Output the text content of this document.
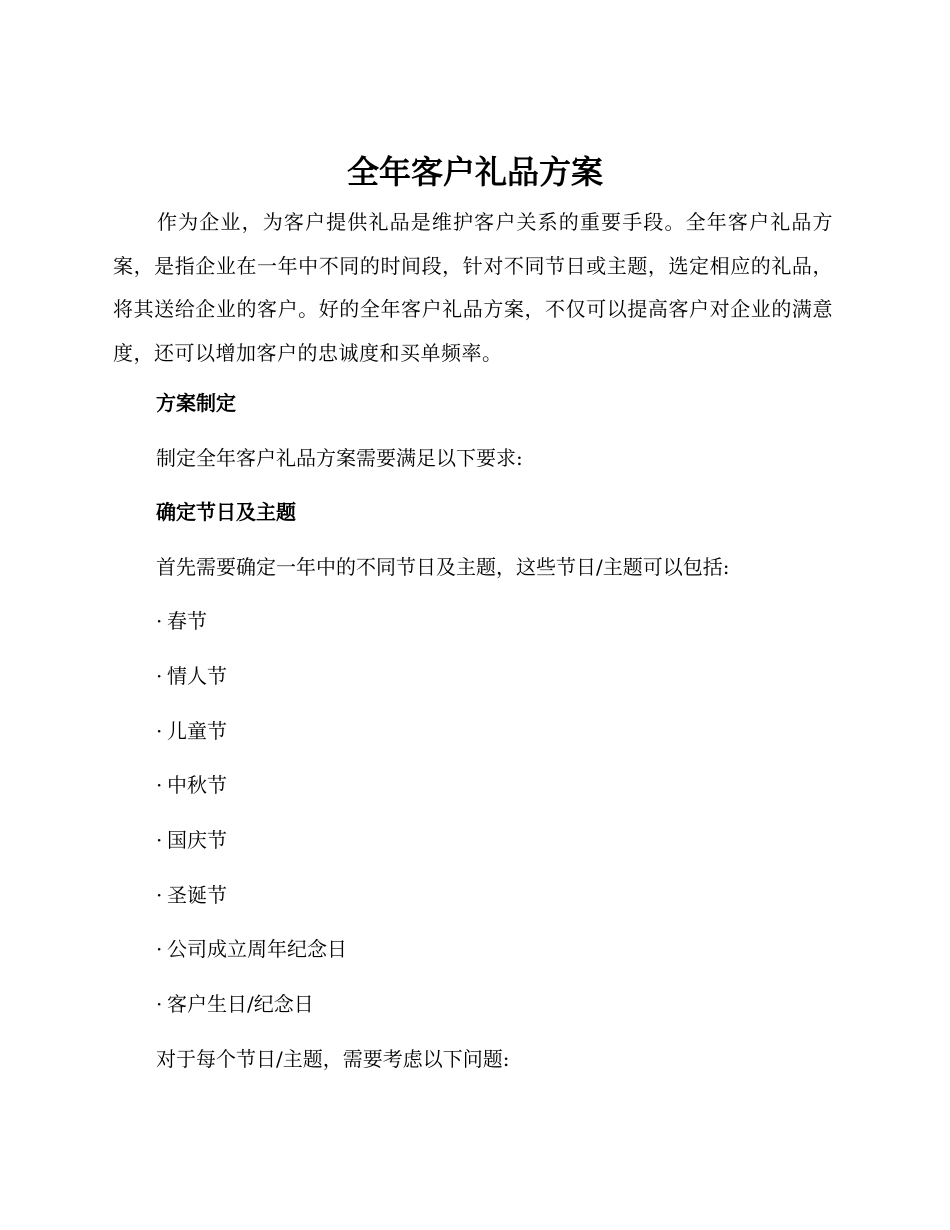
全年客户礼品方案

作为企业，为客户提供礼品是维护客户关系的重要手段。全年客户礼品方案，是指企业在一年中不同的时间段，针对不同节日或主题，选定相应的礼品，将其送给企业的客户。好的全年客户礼品方案，不仅可以提高客户对企业的满意度，还可以增加客户的忠诚度和买单频率。

方案制定

制定全年客户礼品方案需要满足以下要求:

确定节日及主题

首先需要确定一年中的不同节日及主题，这些节日/主题可以包括:

· 春节

· 情人节

· 儿童节

· 中秋节

· 国庆节

· 圣诞节

· 公司成立周年纪念日

· 客户生日/纪念日

对于每个节日/主题，需要考虑以下问题:
